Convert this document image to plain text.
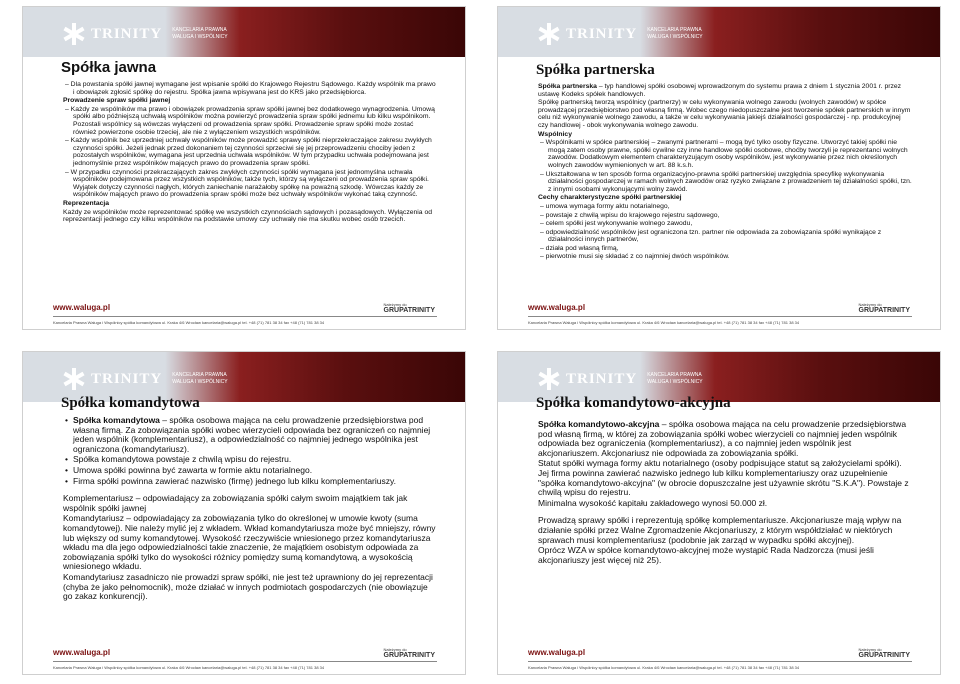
TRINITY KANCELARIA PRAWNA
WALUGA I WSPÓLNICY
Spółka jawna

– Dla powstania spółki jawnej wymagane jest wpisanie spółki do Krajowego Rejestru Sądowego. Każdy wspólnik ma prawo i obowiązek zgłosić spółkę do rejestru. Spółka jawna wpisywana jest do KRS jako przedsiębiorca.

Prowadzenie spraw spółki jawnej

– Każdy ze wspólników ma prawo i obowiązek prowadzenia spraw spółki jawnej bez dodatkowego wynagrodzenia. Umową spółki albo późniejszą uchwałą wspólników można powierzyć prowadzenia spraw spółki jednemu lub kilku wspólnikom. Pozostali wspólnicy są wówczas wyłączeni od prowadzenia spraw spółki. Prowadzenie spraw spółki może zostać również powierzone osobie trzeciej, ale nie z wyłączeniem wszystkich wspólników.

– Każdy wspólnik bez uprzedniej uchwały wspólników może prowadzić sprawy spółki nieprzekraczające zakresu zwykłych czynności spółki. Jeżeli jednak przed dokonaniem tej czynności sprzeciwi się jej przeprowadzeniu chociby jeden z pozostałych wspólników, wymagana jest uprzednia uchwała wspólników. W tym przypadku uchwała podejmowana jest jednomyślnie przez wspólników mających prawo do prowadzenia spraw spółki.

– W przypadku czynności przekraczających zakres zwykłych czynności spółki wymagana jest jednomyślna uchwała wspólników podejmowana przez wszystkich wspólników, także tych, którzy są wyłączeni od prowadzenia spraw spółki. Wyjątek dotyczy czynności nagłych, których zaniechanie narażałoby spółkę na poważną szkodę. Wówczas każdy ze wspólników mających prawo do prowadzenia spraw spółki może bez uchwały wspólników wykonać taką czynność.

Reprezentacja

Każdy ze wspólników może reprezentować spółkę we wszystkich czynnościach sądowych i pozasądowych. Wyłączenia od reprezentacji jednego czy kilku wspólników na podstawie umowy czy uchwały nie ma skutku wobec osób trzecich.

www.waluga.pl	Należymy do
GRUPATRINITY
Kancelaria Prawna Waluga i Wspólnicy spółka komandytowa ul. Kraka 4/6 Wrocław kancelaria@waluga.pl tel. +48 (71) 781 38 34 fax +48 (71) 781 38 34
TRINITY KANCELARIA PRAWNA
WALUGA I WSPÓLNICY
Spółka partnerska

Spółka partnerska – typ handlowej spółki osobowej wprowadzonym do systemu prawa z dniem 1 stycznia 2001 r. przez ustawę Kodeks spółek handlowych.

Spółkę partnerską tworzą wspólnicy (partnerzy) w celu wykonywania wolnego zawodu (wolnych zawodów) w spółce prowadzącej przedsiębiorstwo pod własną firmą. Wobec czego niedopuszczalne jest tworzenie spółek partnerskich w innym celu niż wykonywanie wolnego zawodu, a także w celu wykonywania jakiejś działalności gospodarczej - np. produkcyjnej czy handlowej - obok wykonywania wolnego zawodu.

Wspólnicy

– Wspólnikami w spółce partnerskiej – zwanymi partnerami – mogą być tylko osoby fizyczne. Utworzyć takiej spółki nie mogą zatem osoby prawne, spółki cywilne czy inne handlowe spółki osobowe, choćby tworzyli je reprezentanci wolnych zawodów. Dodatkowym elementem charakteryzującym osoby wspólników, jest wykonywanie przez nich określonych wolnych zawodów wymienionych w art. 88 k.s.h.

– Ukształtowana w ten sposób forma organizacyjno-prawna spółki partnerskiej uwzględnia specyfikę wykonywania działalności gospodarczej w ramach wolnych zawodów oraz ryzyko związane z prowadzeniem tej działalności spółki, tzn. z innymi osobami wykonującymi wolny zawód.

Cechy charakterystyczne spółki partnerskiej

– umowa wymaga formy aktu notarialnego,

– powstaje z chwilą wpisu do krajowego rejestru sądowego,

– celem spółki jest wykonywanie wolnego zawodu,

– odpowiedzialność wspólników jest ograniczona tzn. partner nie odpowiada za zobowiązania spółki wynikające z działalności innych partnerów,

– działa pod własną firmą,

– pierwotnie musi się składać z co najmniej dwóch wspólników.

www.waluga.pl	Należymy do
GRUPATRINITY
Kancelaria Prawna Waluga i Wspólnicy spółka komandytowa ul. Kraka 4/6 Wrocław kancelaria@waluga.pl tel. +48 (71) 781 38 34 fax +48 (71) 781 38 34
TRINITY KANCELARIA PRAWNA
WALUGA I WSPÓLNICY
Spółka komandytowa

• Spółka komandytowa – spółka osobowa mająca na celu prowadzenie przedsiębiorstwa pod własną firmą. Za zobowiązania spółki wobec wierzycieli odpowiada bez ograniczeń co najmniej jeden wspólnik (komplementariusz), a odpowiedzialność co najmniej jednego wspólnika jest ograniczona (komandytariusz).

• Spółka komandytowa powstaje z chwilą wpisu do rejestru.

• Umowa spółki powinna być zawarta w formie aktu notarialnego.

• Firma spółki powinna zawierać nazwisko (firmę) jednego lub kilku komplementariuszy.

Komplementariusz – odpowiadający za zobowiązania spółki całym swoim majątkiem tak jak wspólnik spółki jawnej

Komandytariusz – odpowiadający za zobowiązania tylko do określonej w umowie kwoty (suma komandytowej). Nie należy mylić jej z wkładem. Wkład komandytariusza może być mniejszy, równy lub większy od sumy komandytowej. Wysokość rzeczywiście wniesionego przez komandytariusza wkładu ma dla jego odpowiedzialności takie znaczenie, że majątkiem osobistym odpowiada za zobowiązania spółki tylko do wysokości różnicy pomiędzy sumą komandytową, a wysokością wniesionego wkładu.

Komandytariusz zasadniczo nie prowadzi spraw spółki, nie jest też uprawniony do jej reprezentacji (chyba że jako pełnomocnik), może działać w innych podmiotach gospodarczych (nie obowiązuje go zakaz konkurencji).

www.waluga.pl	Należymy do
GRUPATRINITY
Kancelaria Prawna Waluga i Wspólnicy spółka komandytowa ul. Kraka 4/6 Wrocław kancelaria@waluga.pl tel. +48 (71) 781 38 34 fax +48 (71) 781 38 34
TRINITY KANCELARIA PRAWNA
WALUGA I WSPÓLNICY
Spółka komandytowo-akcyjna

Spółka komandytowo-akcyjna – spółka osobowa mająca na celu prowadzenie przedsiębiorstwa pod własną firmą, w której za zobowiązania spółki wobec wierzycieli co najmniej jeden wspólnik odpowiada bez ograniczenia (komplementariusz), a co najmniej jeden wspólnik jest akcjonariuszem. Akcjonariusz nie odpowiada za zobowiązania spółki.

Statut spółki wymaga formy aktu notarialnego (osoby podpisujące statut są założycielami spółki). Jej firma powinna zawierać nazwisko jednego lub kilku komplementariuszy oraz uzupełnienie "spółka komandytowo-akcyjna" (w obrocie dopuszczalne jest użyawnie skrótu "S.K.A"). Powstaje z chwilą wpisu do rejestru.

Minimalna wysokość kapitału zakładowego wynosi 50.000 zł.

Prowadzą sprawy spółki i reprezentują spółkę komplementariusze. Akcjonariusze mają wpływ na działanie spółki przez Walne Zgromadzenie Akcjonariuszy, z którym współdziałać w niektórych sprawach musi komplementariusz (podobnie jak zarząd w wypadku spółki akcyjnej).

Oprócz WZA w spółce komandytowo-akcyjnej może wystąpić Rada Nadzorcza (musi jeśli akcjonariuszy jest więcej niż 25).

www.waluga.pl	Należymy do
GRUPATRINITY
Kancelaria Prawna Waluga i Wspólnicy spółka komandytowa ul. Kraka 4/6 Wrocław kancelaria@waluga.pl tel. +48 (71) 781 38 34 fax +48 (71) 781 38 34
